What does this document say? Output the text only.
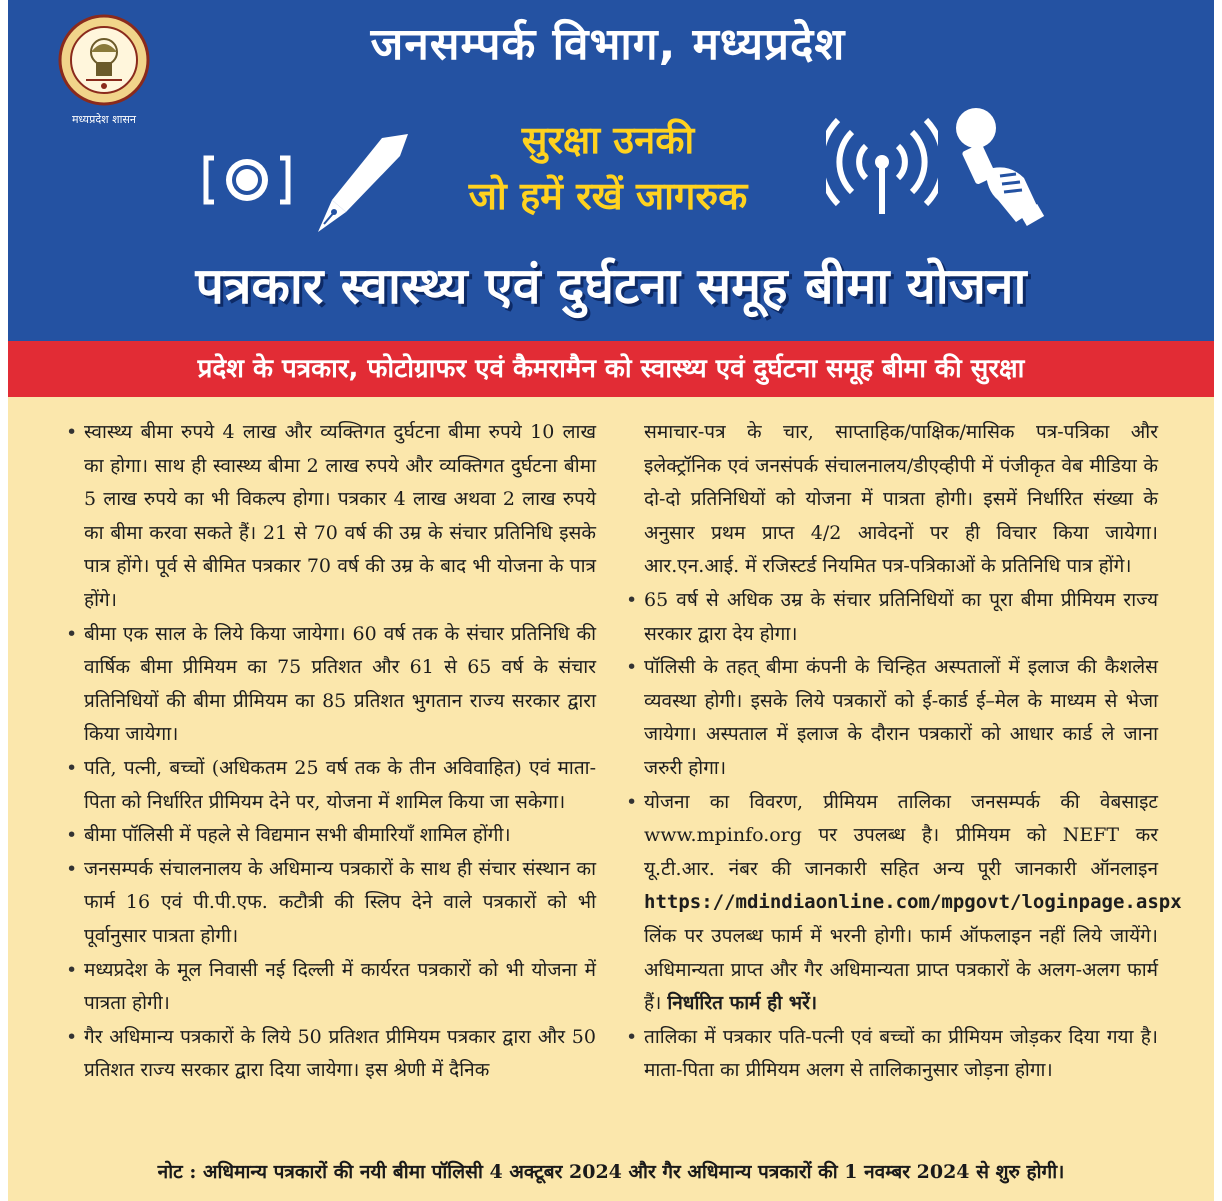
मध्यप्रदेश शासन
जनसम्पर्क विभाग, मध्यप्रदेश
सुरक्षा उनकी
जो हमें रखें जागरुक
पत्रकार स्वास्थ्य एवं दुर्घटना समूह बीमा योजना
प्रदेश के पत्रकार, फोटोग्राफर एवं कैमरामैन को स्वास्थ्य एवं दुर्घटना समूह बीमा की सुरक्षा

• स्वास्थ्य बीमा रुपये 4 लाख और व्यक्तिगत दुर्घटना बीमा रुपये 10 लाख का होगा। साथ ही स्वास्थ्य बीमा 2 लाख रुपये और व्यक्तिगत दुर्घटना बीमा 5 लाख रुपये का भी विकल्प होगा। पत्रकार 4 लाख अथवा 2 लाख रुपये का बीमा करवा सकते हैं। 21 से 70 वर्ष की उम्र के संचार प्रतिनिधि इसके पात्र होंगे। पूर्व से बीमित पत्रकार 70 वर्ष की उम्र के बाद भी योजना के पात्र होंगे।

• बीमा एक साल के लिये किया जायेगा। 60 वर्ष तक के संचार प्रतिनिधि की वार्षिक बीमा प्रीमियम का 75 प्रतिशत और 61 से 65 वर्ष के संचार प्रतिनिधियों की बीमा प्रीमियम का 85 प्रतिशत भुगतान राज्य सरकार द्वारा किया जायेगा।

• पति, पत्नी, बच्चों (अधिकतम 25 वर्ष तक के तीन अविवाहित) एवं माता-पिता को निर्धारित प्रीमियम देने पर, योजना में शामिल किया जा सकेगा।

• बीमा पॉलिसी में पहले से विद्यमान सभी बीमारियाँ शामिल होंगी।

• जनसम्पर्क संचालनालय के अधिमान्य पत्रकारों के साथ ही संचार संस्थान का फार्म 16 एवं पी.पी.एफ. कटौत्री की स्लिप देने वाले पत्रकारों को भी पूर्वानुसार पात्रता होगी।

• मध्यप्रदेश के मूल निवासी नई दिल्ली में कार्यरत पत्रकारों को भी योजना में पात्रता होगी।

• गैर अधिमान्य पत्रकारों के लिये 50 प्रतिशत प्रीमियम पत्रकार द्वारा और 50 प्रतिशत राज्य सरकार द्वारा दिया जायेगा। इस श्रेणी में दैनिक

समाचार-पत्र के चार, साप्ताहिक/पाक्षिक/मासिक पत्र-पत्रिका और इलेक्ट्रॉनिक एवं जनसंपर्क संचालनालय/डीएव्हीपी में पंजीकृत वेब मीडिया के दो-दो प्रतिनिधियों को योजना में पात्रता होगी। इसमें निर्धारित संख्या के अनुसार प्रथम प्राप्त 4/2 आवेदनों पर ही विचार किया जायेगा। आर.एन.आई. में रजिस्टर्ड नियमित पत्र-पत्रिकाओं के प्रतिनिधि पात्र होंगे।

• 65 वर्ष से अधिक उम्र के संचार प्रतिनिधियों का पूरा बीमा प्रीमियम राज्य सरकार द्वारा देय होगा।

• पॉलिसी के तहत् बीमा कंपनी के चिन्हित अस्पतालों में इलाज की कैशलेस व्यवस्था होगी। इसके लिये पत्रकारों को ई-कार्ड ई–मेल के माध्यम से भेजा जायेगा। अस्पताल में इलाज के दौरान पत्रकारों को आधार कार्ड ले जाना जरुरी होगा।

• योजना का विवरण, प्रीमियम तालिका जनसम्पर्क की वेबसाइट www.mpinfo.org पर उपलब्ध है। प्रीमियम को NEFT कर यू.टी.आर. नंबर की जानकारी सहित अन्य पूरी जानकारी ऑनलाइन https://mdindiaonline.com/mpgovt/loginpage.aspx लिंक पर उपलब्ध फार्म में भरनी होगी। फार्म ऑफलाइन नहीं लिये जायेंगे। अधिमान्यता प्राप्त और गैर अधिमान्यता प्राप्त पत्रकारों के अलग-अलग फार्म हैं। निर्धारित फार्म ही भरें।

• तालिका में पत्रकार पति-पत्नी एवं बच्चों का प्रीमियम जोड़कर दिया गया है। माता-पिता का प्रीमियम अलग से तालिकानुसार जोड़ना होगा।

नोट : अधिमान्य पत्रकारों की नयी बीमा पॉलिसी 4 अक्टूबर 2024 और गैर अधिमान्य पत्रकारों की 1 नवम्बर 2024 से शुरु होगी।
